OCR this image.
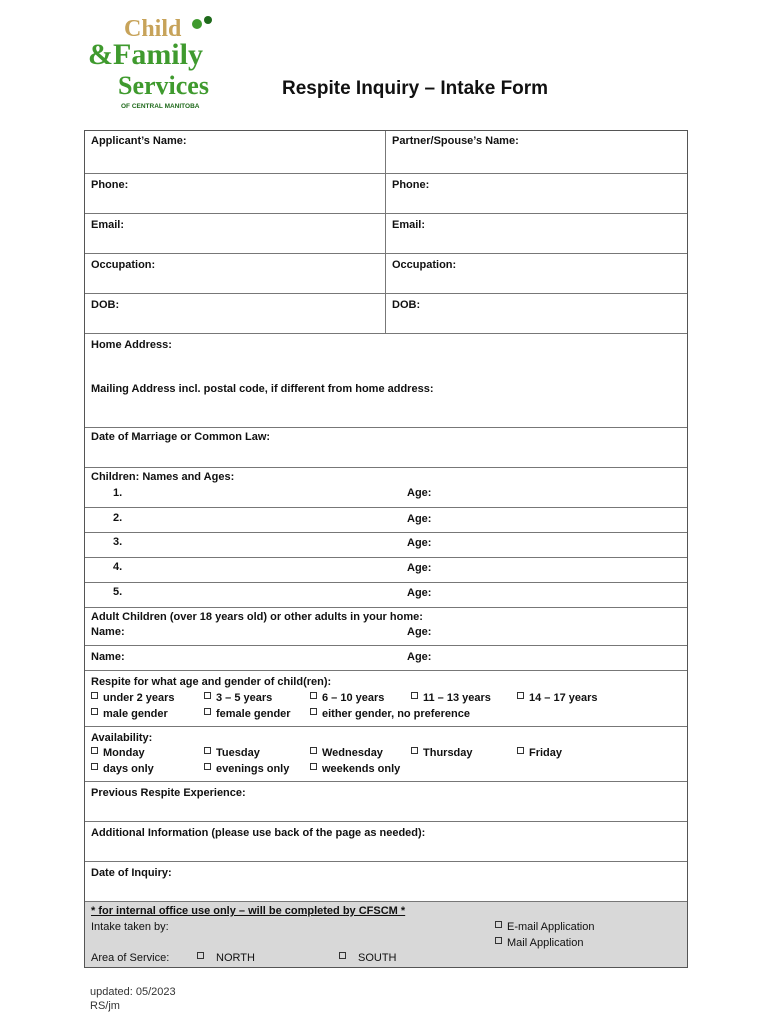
Child
&Family
Services
OF CENTRAL MANITOBA
Respite Inquiry – Intake Form
Applicant’s Name:	Partner/Spouse’s Name:
Phone:	Phone:
Email:	Email:
Occupation:	Occupation:
DOB:	DOB:
Home Address:
Mailing Address incl. postal code, if different from home address:
Date of Marriage or Common Law:
Children: Names and Ages:
1.	Age:
2.	Age:
3.	Age:
4.	Age:
5.	Age:
Adult Children (over 18 years old) or other adults in your home:
Name:	Age:
Name:	Age:
Respite for what age and gender of child(ren):
under 2 years	3 – 5 years	6 – 10 years	11 – 13 years	14 – 17 years
male gender	female gender	either gender, no preference
Availability:
Monday	Tuesday	Wednesday	Thursday	Friday
days only	evenings only	weekends only
Previous Respite Experience:
Additional Information (please use back of the page as needed):
Date of Inquiry:
* for internal office use only – will be completed by CFSCM *
Intake taken by:	E-mail Application
Mail Application
Area of Service:	NORTH	SOUTH
updated: 05/2023
RS/jm
